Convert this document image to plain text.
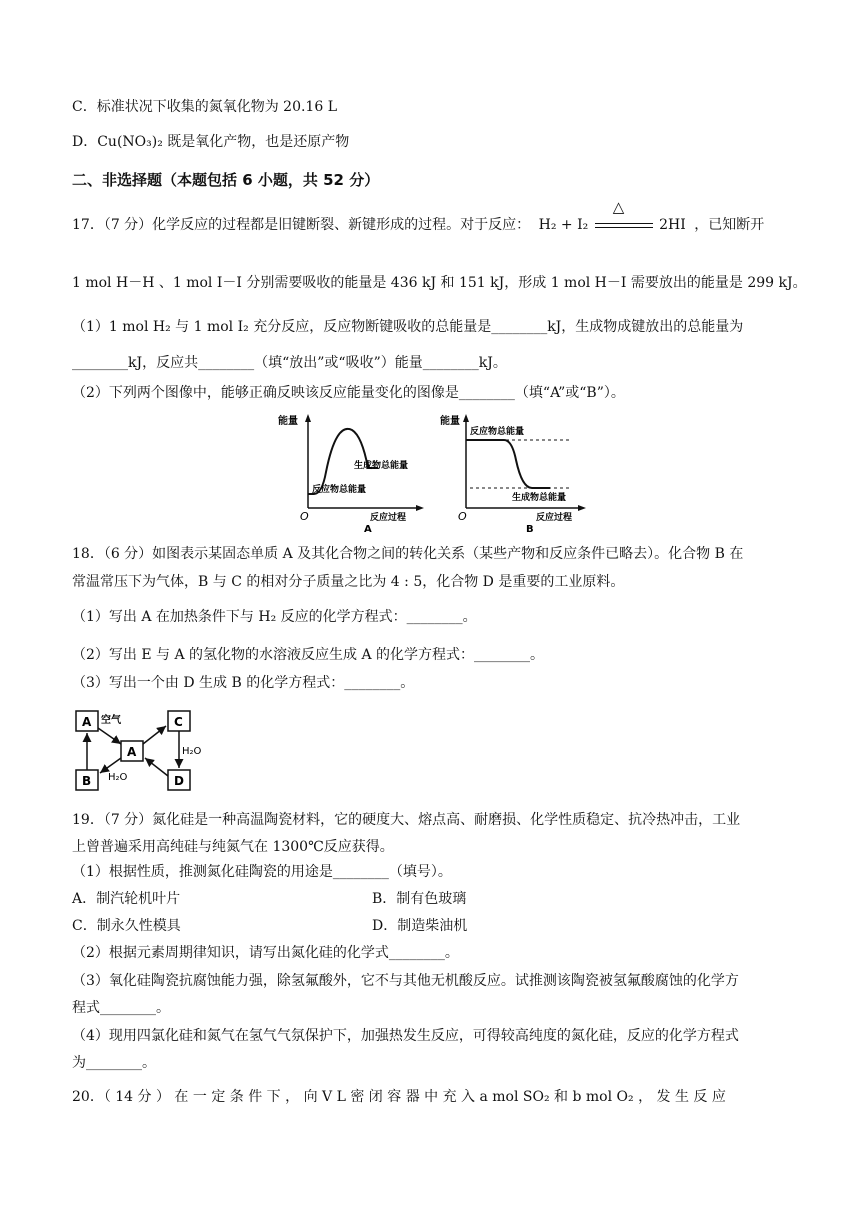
C．标准状况下收集的氮氧化物为 20.16 L
D．Cu(NO₃)₂ 既是氧化产物，也是还原产物
二、非选择题（本题包括 6 小题，共 52 分）
17．（7 分）化学反应的过程都是旧键断裂、新键形成的过程。对于反应： H₂ + I₂
△
2HI ，已知断开
1 mol H－H 、1 mol I－I 分别需要吸收的能量是 436 kJ 和 151 kJ，形成 1 mol H－I 需要放出的能量是 299 kJ。
（1）1 mol H₂ 与 1 mol I₂ 充分反应，反应物断键吸收的总能量是________kJ，生成物成键放出的总能量为
________kJ，反应共________（填“放出”或“吸收”）能量________kJ。
（2）下列两个图像中，能够正确反映该反应能量变化的图像是________（填“A”或“B”）。
能量
生成物总能量
反应物总能量
O	反应过程
A
能量
反应物总能量
生成物总能量
O	反应过程
B
18．（6 分）如图表示某固态单质 A 及其化合物之间的转化关系（某些产物和反应条件已略去）。化合物 B 在
常温常压下为气体，B 与 C 的相对分子质量之比为 4 : 5，化合物 D 是重要的工业原料。
（1）写出 A 在加热条件下与 H₂ 反应的化学方程式：________。
（2）写出 E 与 A 的氢化物的水溶液反应生成 A 的化学方程式：________。
（3）写出一个由 D 生成 B 的化学方程式：________。
A	C
A
B	D
空气
H₂O
H₂O
19．（7 分）氮化硅是一种高温陶瓷材料，它的硬度大、熔点高、耐磨损、化学性质稳定、抗冷热冲击，工业
上曾普遍采用高纯硅与纯氮气在 1300℃反应获得。
（1）根据性质，推测氮化硅陶瓷的用途是________（填号）。
A．制汽轮机叶片	B．制有色玻璃
C．制永久性模具	D．制造柴油机
（2）根据元素周期律知识，请写出氮化硅的化学式________。
（3）氧化硅陶瓷抗腐蚀能力强，除氢氟酸外，它不与其他无机酸反应。试推测该陶瓷被氢氟酸腐蚀的化学方
程式________。
（4）现用四氯化硅和氮气在氢气气氛保护下，加强热发生反应，可得较高纯度的氮化硅，反应的化学方程式
为________。
20．（ 14 分 ） 在 一 定 条 件 下 ， 向 V L 密 闭 容 器 中 充 入 a mol SO₂ 和 b mol O₂ ， 发 生 反 应
